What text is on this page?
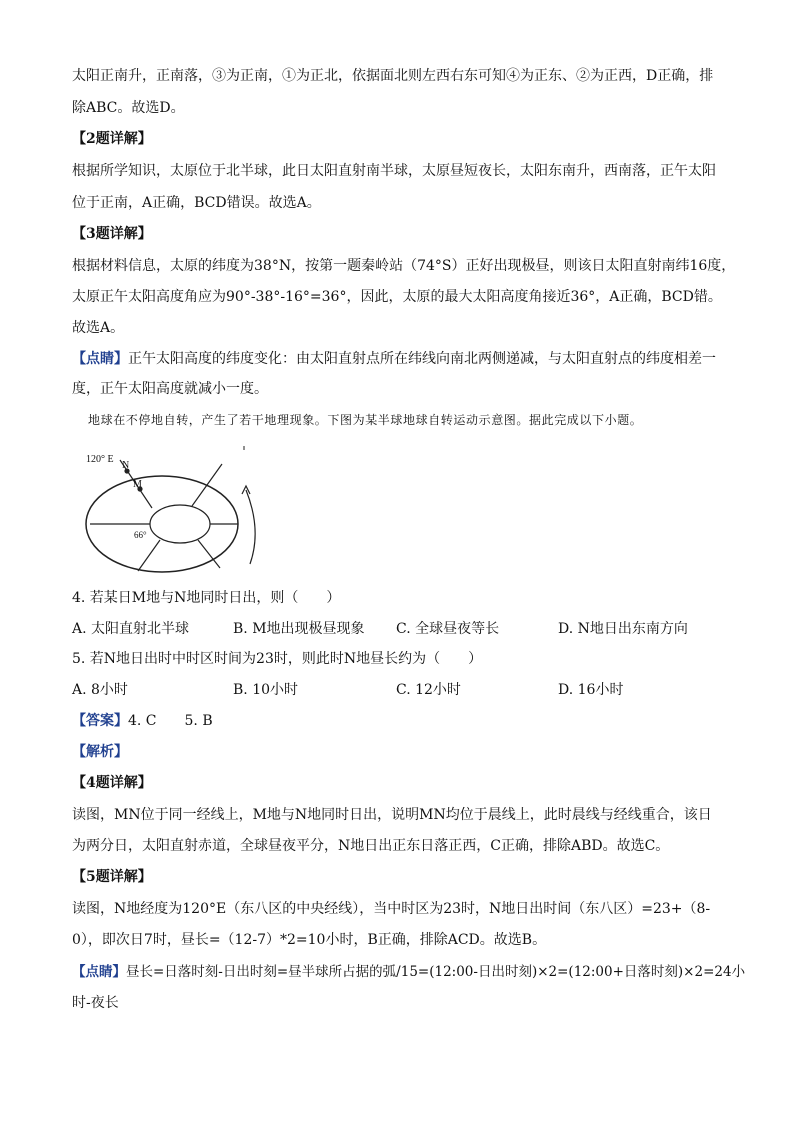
太阳正南升，正南落，③为正南，①为正北，依据面北则左西右东可知④为正东、②为正西，D正确，排
除ABC。故选D。
【2题详解】
根据所学知识，太原位于北半球，此日太阳直射南半球，太原昼短夜长，太阳东南升，西南落，正午太阳
位于正南，A正确，BCD错误。故选A。
【3题详解】
根据材料信息，太原的纬度为38°N，按第一题秦岭站（74°S）正好出现极昼，则该日太阳直射南纬16度，
太原正午太阳高度角应为90°-38°-16°=36°，因此，太原的最大太阳高度角接近36°，A正确，BCD错。
故选A。
【点睛】正午太阳高度的纬度变化：由太阳直射点所在纬线向南北两侧递减，与太阳直射点的纬度相差一
度，正午太阳高度就减小一度。
地球在不停地自转，产生了若干地理现象。下图为某半球地球自转运动示意图。据此完成以下小题。
120° E
N
M
66°
4. 若某日M地与N地同时日出，则（　　）
A. 太阳直射北半球	B. M地出现极昼现象 C. 全球昼夜等长	D. N地日出东南方向
5. 若N地日出时中时区时间为23时，则此时N地昼长约为（　　）
A. 8小时	B. 10小时	C. 12小时	D. 16小时
【答案】4. C　　5. B
【解析】
【4题详解】
读图，MN位于同一经线上，M地与N地同时日出，说明MN均位于晨线上，此时晨线与经线重合，该日
为两分日，太阳直射赤道，全球昼夜平分，N地日出正东日落正西，C正确，排除ABD。故选C。
【5题详解】
读图，N地经度为120°E（东八区的中央经线），当中时区为23时，N地日出时间（东八区）=23+（8-
0），即次日7时，昼长=（12-7）*2=10小时，B正确，排除ACD。故选B。
【点睛】昼长=日落时刻-日出时刻=昼半球所占据的弧/15=(12:00-日出时刻)×2=(12:00+日落时刻)×2=24小
时-夜长
